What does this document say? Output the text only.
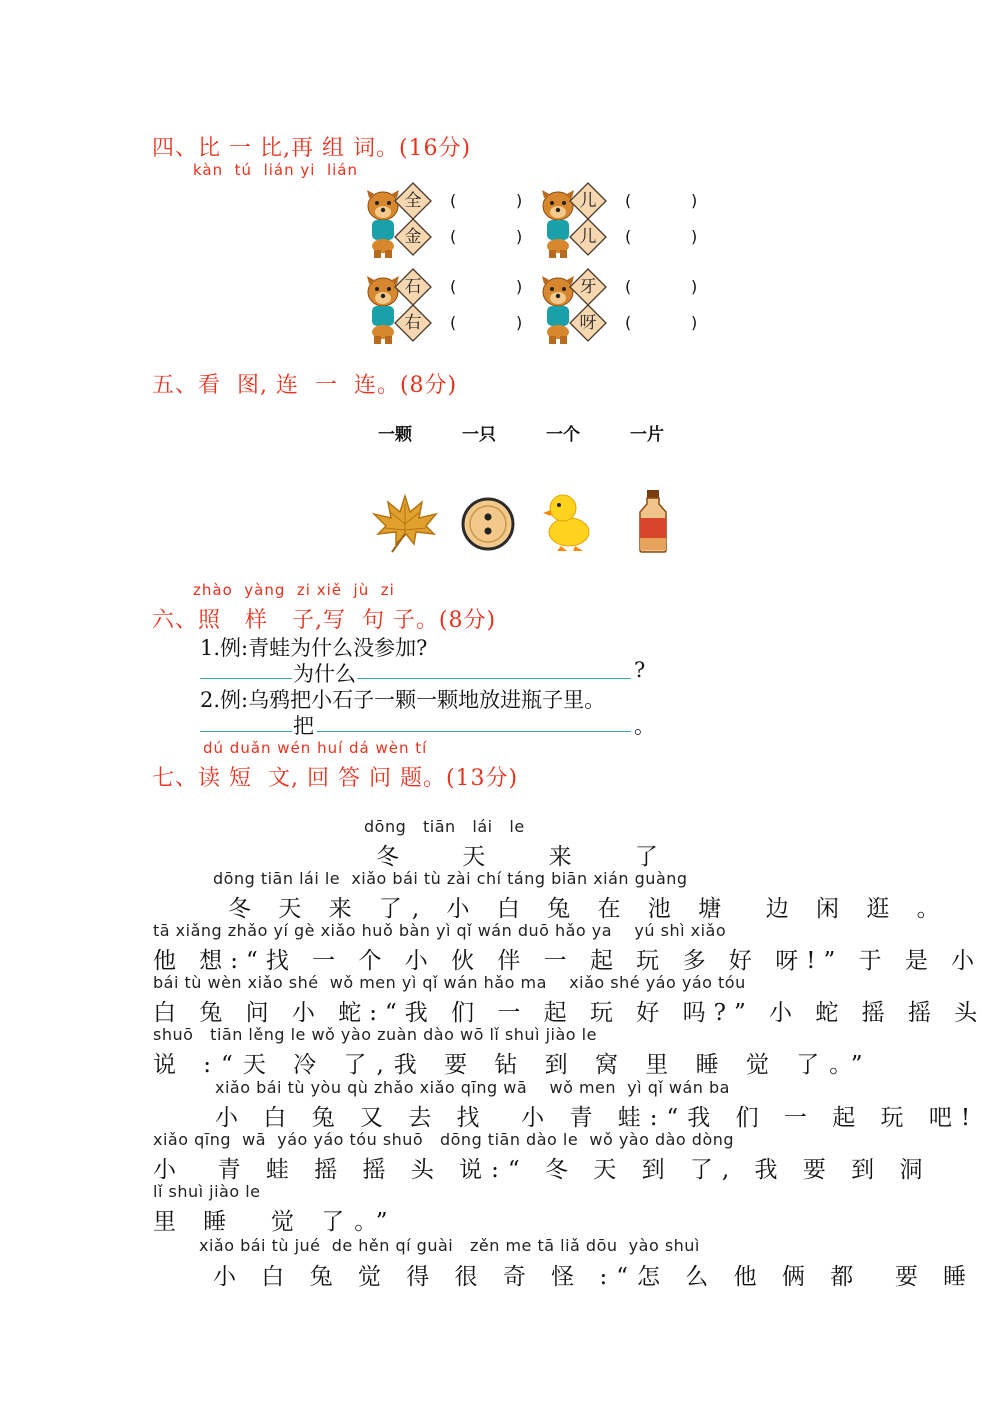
四、比 一 比,再 组 词。(16分)
kàn  tú  lián yi  lián
全	(	)
金	(	)
儿	(	)
儿	(	)
石	(	)
右	(	)
牙	(	)
呀	(	)
五、看  图, 连  一  连。(8分)
一颗	一只	一个	一片
zhào  yàng  zi xiě  jù  zi
六、照   样   子,写  句 子。(8分)
1.例:青蛙为什么没参加?
为什么	?
2.例:乌鸦把小石子一颗一颗地放进瓶子里。
把	。
dú duǎn wén huí dá wèn tí
七、读 短  文, 回 答 问 题。(13分)
dōng   tiān   lái   le
冬 天 来 了
dōng tiān lái le  xiǎo bái tù zài chí táng biān xián guàng
冬 天 来 了, 小 白 兔 在 池 塘  边 闲 逛 。
tā xiǎng zhǎo yí gè xiǎo huǒ bàn yì qǐ wán duō hǎo ya    yú shì xiǎo
他 想:“找 一 个 小 伙 伴 一 起 玩 多 好 呀!” 于 是 小
bái tù wèn xiǎo shé  wǒ men yì qǐ wán hǎo ma    xiǎo shé yáo yáo tóu
白 兔 问 小 蛇:“我 们 一 起 玩 好 吗?” 小 蛇 摇 摇 头
shuō   tiān lěng le wǒ yào zuàn dào wō lǐ shuì jiào le
说 :“天 冷 了,我 要 钻 到 窝 里 睡 觉 了。”
xiǎo bái tù yòu qù zhǎo xiǎo qīng wā    wǒ men  yì qǐ wán ba
小 白 兔 又 去 找  小 青 蛙:“我 们 一 起 玩 吧!
xiǎo qīng  wā  yáo yáo tóu shuō   dōng tiān dào le  wǒ yào dào dòng
小  青 蛙 摇 摇 头 说:“ 冬 天 到 了, 我 要 到 洞
lǐ shuì jiào le
里 睡  觉 了。”
xiǎo bái tù jué  de hěn qí guài   zěn me tā liǎ dōu  yào shuì
小 白 兔 觉 得 很 奇 怪 :“怎 么 他 俩 都  要 睡
